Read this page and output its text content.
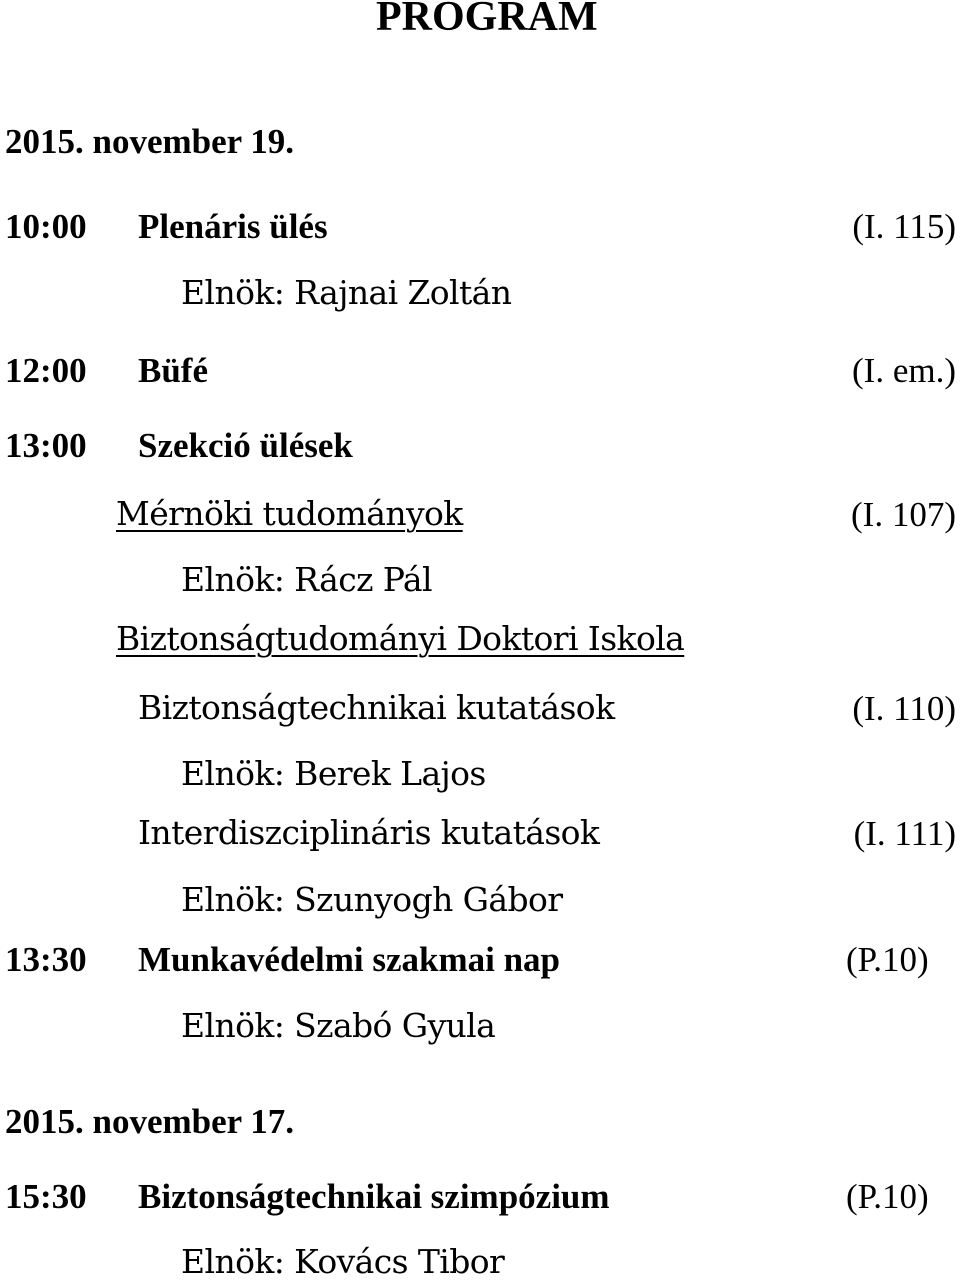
PROGRAM
2015. november 19.
10:00 Plenáris ülés	(I. 115)
Elnök: Rajnai Zoltán
12:00 Büfé	(I. em.)
13:00 Szekció ülések
Mérnöki tudományok	(I. 107)
Elnök: Rácz Pál
Biztonságtudományi Doktori Iskola
Biztonságtechnikai kutatások	(I. 110)
Elnök: Berek Lajos
Interdiszciplináris kutatások	(I. 111)
Elnök: Szunyogh Gábor
13:30 Munkavédelmi szakmai nap	(P.10)
Elnök: Szabó Gyula
2015. november 17.
15:30 Biztonságtechnikai szimpózium	(P.10)
Elnök: Kovács Tibor
